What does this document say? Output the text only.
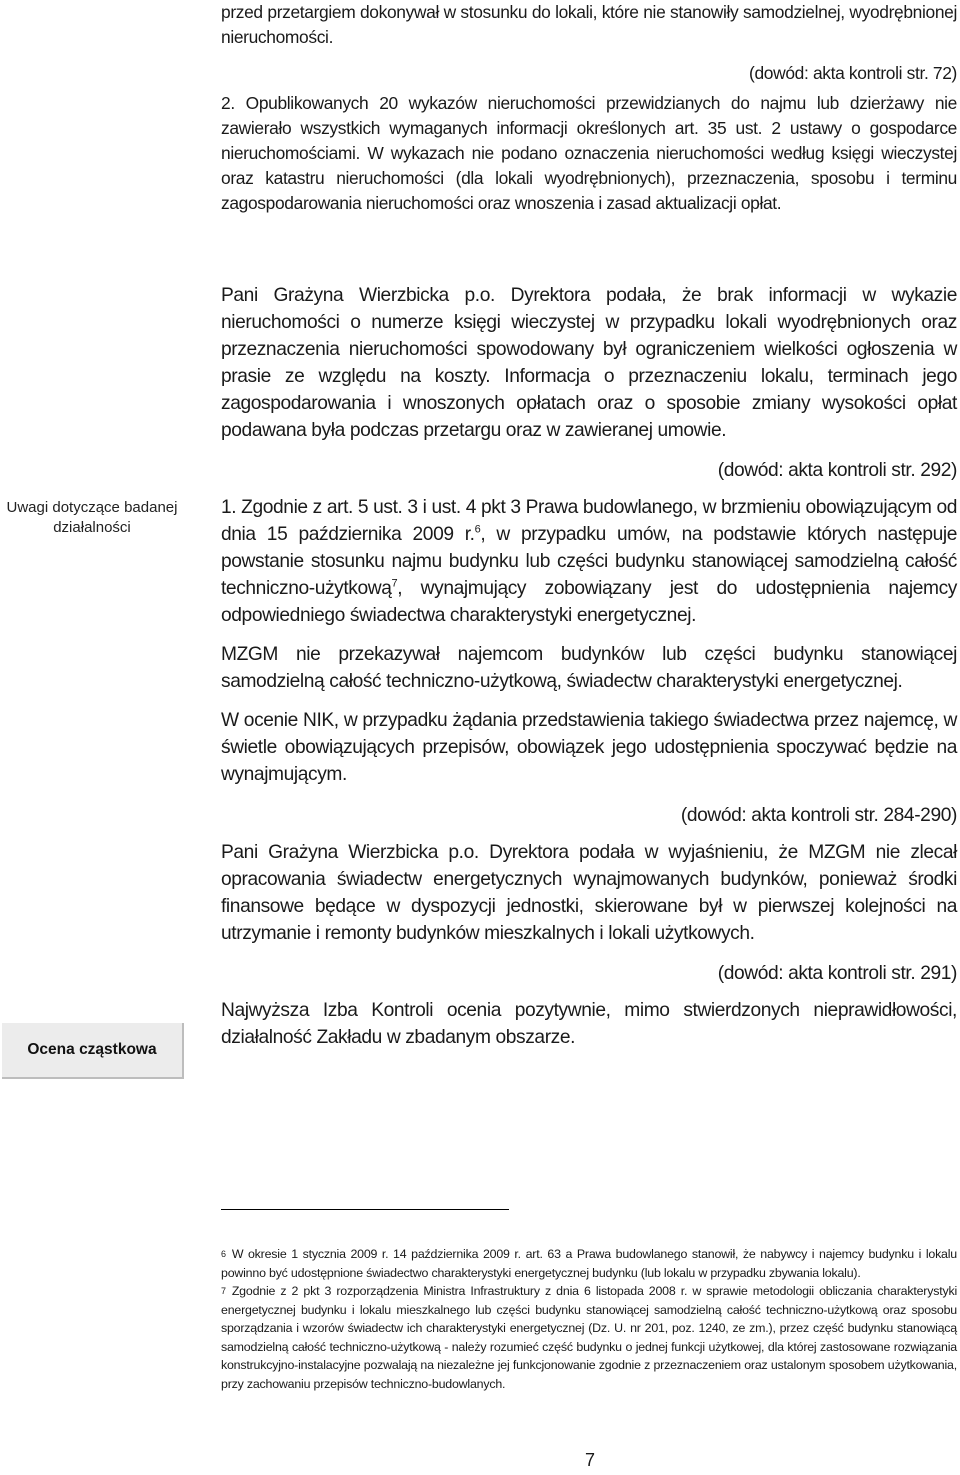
Uwagi dotyczące badanej działalności
Ocena cząstkowa

przed przetargiem dokonywał w stosunku do lokali, które nie stanowiły samodzielnej, wyodrębnionej nieruchomości.

(dowód: akta kontroli str. 72)

2. Opublikowanych 20 wykazów nieruchomości przewidzianych do najmu lub dzierżawy nie zawierało wszystkich wymaganych informacji określonych art. 35 ust. 2 ustawy o gospodarce nieruchomościami. W wykazach nie podano oznaczenia nieruchomości według księgi wieczystej oraz katastru nieruchomości (dla lokali wyodrębnionych), przeznaczenia, sposobu i terminu zagospodarowania nieruchomości oraz wnoszenia i zasad aktualizacji opłat.

Pani Grażyna Wierzbicka p.o. Dyrektora podała, że brak informacji w wykazie nieruchomości o numerze księgi wieczystej w przypadku lokali wyodrębnionych oraz przeznaczenia nieruchomości spowodowany był ograniczeniem wielkości ogłoszenia w prasie ze względu na koszty. Informacja o przeznaczeniu lokalu, terminach jego zagospodarowania i wnoszonych opłatach oraz o sposobie zmiany wysokości opłat podawana była podczas przetargu oraz w zawieranej umowie.

(dowód: akta kontroli str. 292)

1. Zgodnie z art. 5 ust. 3 i ust. 4 pkt 3 Prawa budowlanego, w brzmieniu obowiązującym od dnia 15 października 2009 r.$^6$, w przypadku umów, na podstawie których następuje powstanie stosunku najmu budynku lub części budynku stanowiącej samodzielną całość techniczno-użytkową$^7$, wynajmujący zobowiązany jest do udostępnienia najemcy odpowiedniego świadectwa charakterystyki energetycznej.

MZGM nie przekazywał najemcom budynków lub części budynku stanowiącej samodzielną całość techniczno-użytkową, świadectw charakterystyki energetycznej.

W ocenie NIK, w przypadku żądania przedstawienia takiego świadectwa przez najemcę, w świetle obowiązujących przepisów, obowiązek jego udostępnienia spoczywać będzie na wynajmującym.

(dowód: akta kontroli str. 284-290)

Pani Grażyna Wierzbicka p.o. Dyrektora podała w wyjaśnieniu, że MZGM nie zlecał opracowania świadectw energetycznych wynajmowanych budynków, ponieważ środki finansowe będące w dyspozycji jednostki, skierowane był w pierwszej kolejności na utrzymanie i remonty budynków mieszkalnych i lokali użytkowych.

(dowód: akta kontroli str. 291)

Najwyższa Izba Kontroli ocenia pozytywnie, mimo stwierdzonych nieprawidłowości, działalność Zakładu w zbadanym obszarze.

$^6$ W okresie 1 stycznia 2009 r. 14 października 2009 r. art. 63 a Prawa budowlanego stanowił, że nabywcy i najemcy budynku i lokalu powinno być udostępnione świadectwo charakterystyki energetycznej budynku (lub lokalu w przypadku zbywania lokalu).

$^7$ Zgodnie z 2 pkt 3 rozporządzenia Ministra Infrastruktury z dnia 6 listopada 2008 r. w sprawie metodologii obliczania charakterystyki energetycznej budynku i lokalu mieszkalnego lub części budynku stanowiącej samodzielną całość techniczno-użytkową oraz sposobu sporządzania i wzorów świadectw ich charakterystyki energetycznej (Dz. U. nr 201, poz. 1240, ze zm.), przez część budynku stanowiącą samodzielną całość techniczno-użytkową - należy rozumieć część budynku o jednej funkcji użytkowej, dla której zastosowane rozwiązania konstrukcyjno-instalacyjne pozwalają na niezależne jej funkcjonowanie zgodnie z przeznaczeniem oraz ustalonym sposobem użytkowania, przy zachowaniu przepisów techniczno-budowlanych.

7
